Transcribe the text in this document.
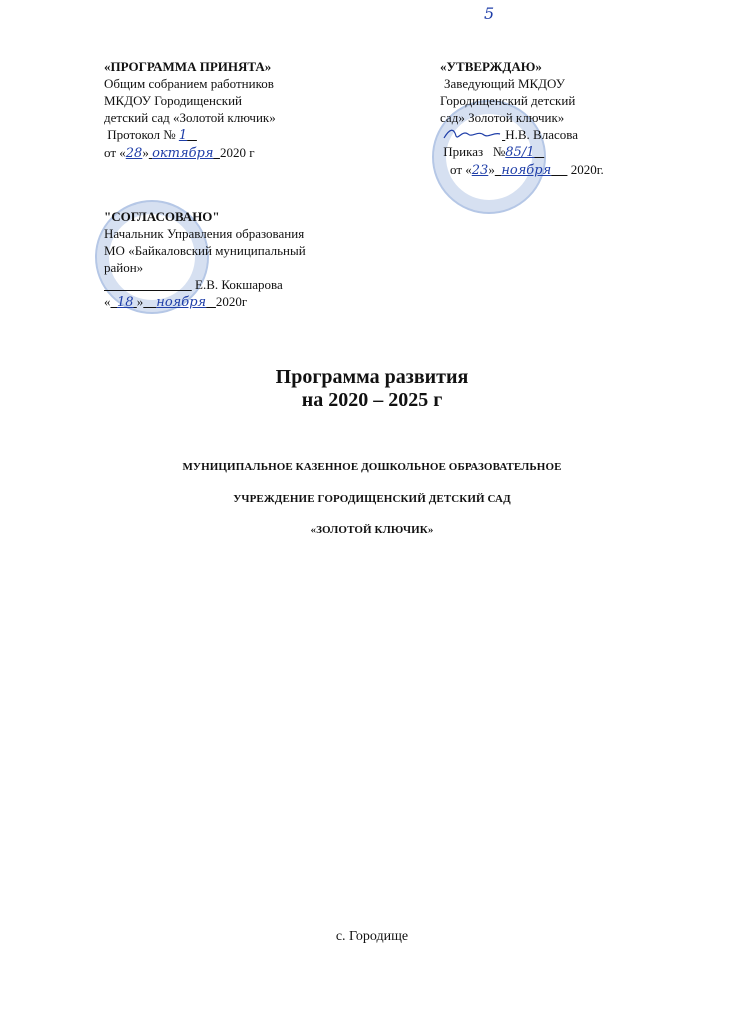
5
«ПРОГРАММА ПРИНЯТА»
Общим собранием работников
МКДОУ Городищенский
детский сад «Золотой ключик»
Протокол № 1
от «28» октября 2020 г
«УТВЕРЖДАЮ»
Заведующий МКДОУ
Городищенский детский
сад» Золотой ключик»
Н.В. Власова
Приказ №85/1
от «23» ноября 2020г.
"СОГЛАСОВАНО"
Начальник Управления образования
МО «Байкаловский муниципальный
район»
Е.В. Кокшарова
« 18 » ноября 2020г
Программа развития
на 2020 – 2025 г
МУНИЦИПАЛЬНОЕ КАЗЕННОЕ ДОШКОЛЬНОЕ ОБРАЗОВАТЕЛЬНОЕ
УЧРЕЖДЕНИЕ ГОРОДИЩЕНСКИЙ ДЕТСКИЙ САД
«ЗОЛОТОЙ КЛЮЧИК»
с. Городище
